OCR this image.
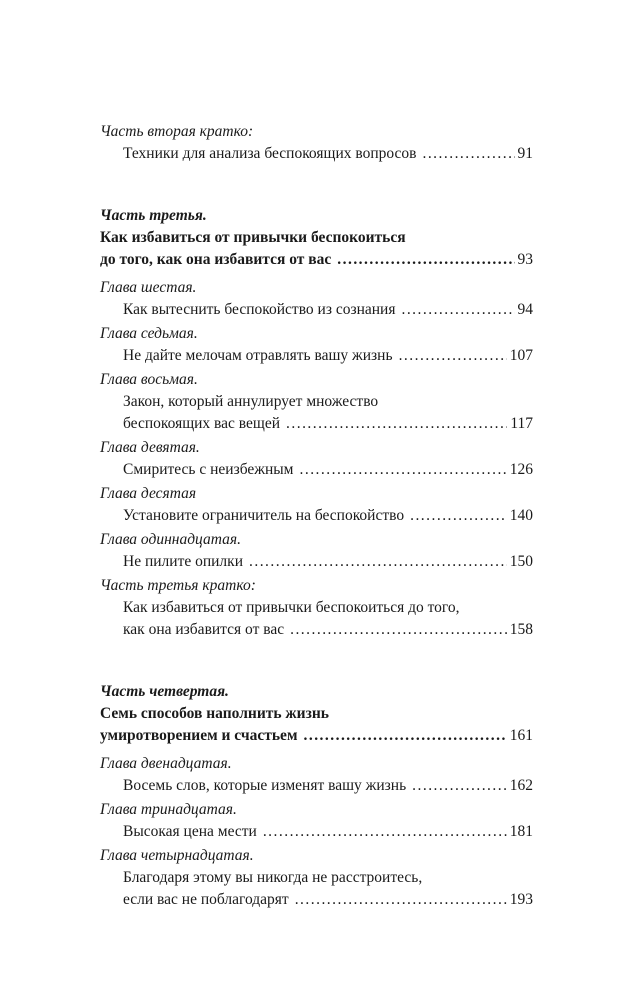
Часть вторая кратко:
Техники для анализа беспокоящих вопросов . . .	91
Часть третья.
Как избавиться от привычки беспокоиться
до того, как она избавится от вас . . .	93
Глава шестая.
Как вытеснить беспокойство из сознания . . .	94
Глава седьмая.
Не дайте мелочам отравлять вашу жизнь . . .	107
Глава восьмая.
Закон, который аннулирует множество
беспокоящих вас вещей . . .	117
Глава девятая.
Смиритесь с неизбежным . . .	126
Глава десятая
Установите ограничитель на беспокойство . . .	140
Глава одиннадцатая.
Не пилите опилки . . .	150
Часть третья кратко:
Как избавиться от привычки беспокоиться до того,
как она избавится от вас . . .	158
Часть четвертая.
Семь способов наполнить жизнь
умиротворением и счастьем . . .	161
Глава двенадцатая.
Восемь слов, которые изменят вашу жизнь . . .	162
Глава тринадцатая.
Высокая цена мести . . .	181
Глава четырнадцатая.
Благодаря этому вы никогда не расстроитесь,
если вас не поблагодарят . . .	193
